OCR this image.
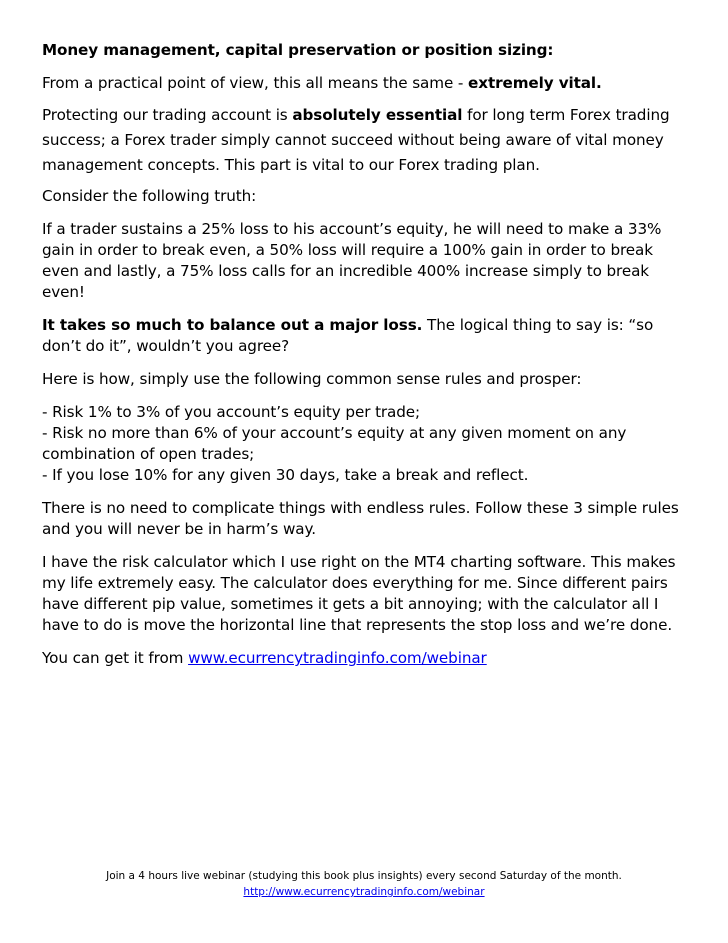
Money management, capital preservation or position sizing:

From a practical point of view, this all means the same - extremely vital.

Protecting our trading account is absolutely essential for long term Forex trading success; a Forex trader simply cannot succeed without being aware of vital money management concepts. This part is vital to our Forex trading plan.

Consider the following truth:

If a trader sustains a 25% loss to his account’s equity, he will need to make a 33% gain in order to break even, a 50% loss will require a 100% gain in order to break even and lastly, a 75% loss calls for an incredible 400% increase simply to break even!

It takes so much to balance out a major loss. The logical thing to say is: “so don’t do it”, wouldn’t you agree?

Here is how, simply use the following common sense rules and prosper:

- Risk 1% to 3% of you account’s equity per trade;

- Risk no more than 6% of your account’s equity at any given moment on any combination of open trades;

- If you lose 10% for any given 30 days, take a break and reflect.

There is no need to complicate things with endless rules. Follow these 3 simple rules and you will never be in harm’s way.

I have the risk calculator which I use right on the MT4 charting software. This makes my life extremely easy. The calculator does everything for me. Since different pairs have different pip value, sometimes it gets a bit annoying; with the calculator all I have to do is move the horizontal line that represents the stop loss and we’re done.

You can get it from www.ecurrencytradinginfo.com/webinar

Join a 4 hours live webinar (studying this book plus insights) every second Saturday of the month.
http://www.ecurrencytradinginfo.com/webinar
